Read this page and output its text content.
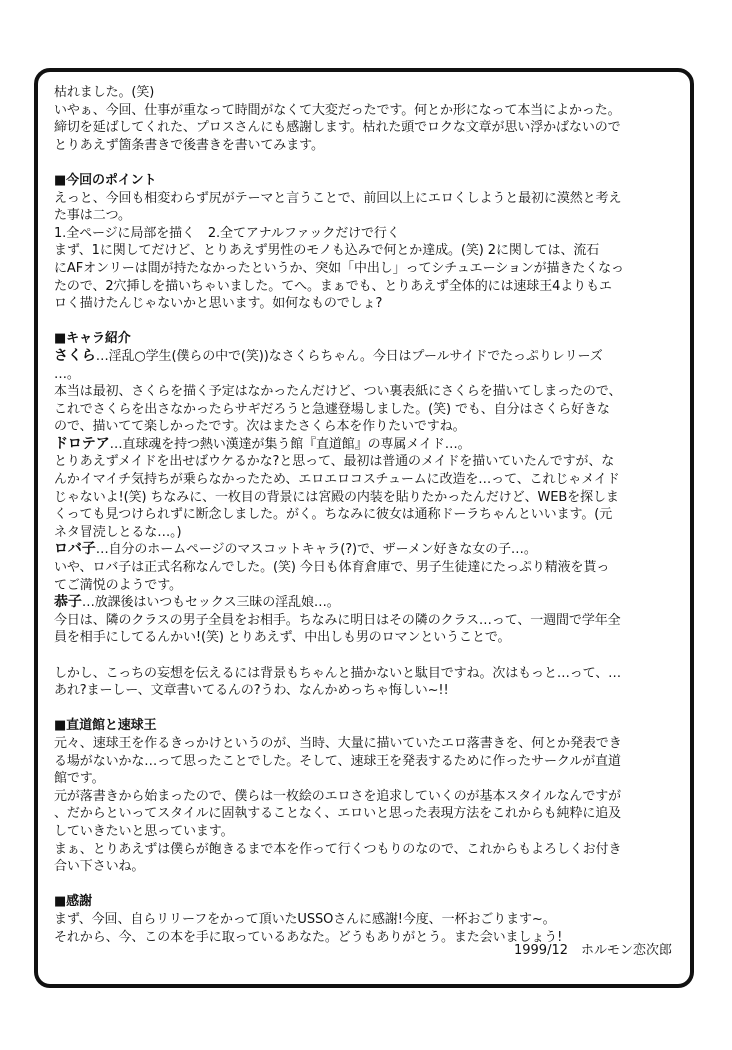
枯れました。(笑)
いやぁ、今回、仕事が重なって時間がなくて大変だったです。何とか形になって本当によかった。
締切を延ばしてくれた、プロスさんにも感謝します。枯れた頭でロクな文章が思い浮かばないので
とりあえず箇条書きで後書きを書いてみます。
■今回のポイント
えっと、今回も相変わらず尻がテーマと言うことで、前回以上にエロくしようと最初に漠然と考え
た事は二つ。
1.全ページに局部を描く　2.全てアナルファックだけで行く
まず、1に関してだけど、とりあえず男性のモノも込みで何とか達成。(笑) 2に関しては、流石
にAFオンリーは間が持たなかったというか、突如「中出し」ってシチュエーションが描きたくなっ
たので、2穴挿しを描いちゃいました。てへ。まぁでも、とりあえず全体的には速球王4よりもエ
ロく描けたんじゃないかと思います。如何なものでしょ?
■キャラ紹介
さくら…淫乱○学生(僕らの中で(笑))なさくらちゃん。今日はプールサイドでたっぷりレリーズ
…。
本当は最初、さくらを描く予定はなかったんだけど、つい裏表紙にさくらを描いてしまったので、
これでさくらを出さなかったらサギだろうと急遽登場しました。(笑) でも、自分はさくら好きな
ので、描いてて楽しかったです。次はまたさくら本を作りたいですね。
ドロテア…直球魂を持つ熱い漢達が集う館『直道館』の専属メイド…。
とりあえずメイドを出せばウケるかな?と思って、最初は普通のメイドを描いていたんですが、な
んかイマイチ気持ちが乗らなかったため、エロエロコスチュームに改造を…って、これじゃメイド
じゃないよ!(笑) ちなみに、一枚目の背景には宮殿の内装を貼りたかったんだけど、WEBを探しま
くっても見つけられずに断念しました。がく。ちなみに彼女は通称ドーラちゃんといいます。(元
ネタ冒涜しとるな…。)
ロバ子…自分のホームページのマスコットキャラ(?)で、ザーメン好きな女の子…。
いや、ロバ子は正式名称なんでした。(笑) 今日も体育倉庫で、男子生徒達にたっぷり精液を貰っ
てご満悦のようです。
恭子…放課後はいつもセックス三昧の淫乱娘…。
今日は、隣のクラスの男子全員をお相手。ちなみに明日はその隣のクラス…って、一週間で学年全
員を相手にしてるんかい!(笑) とりあえず、中出しも男のロマンということで。
しかし、こっちの妄想を伝えるには背景もちゃんと描かないと駄目ですね。次はもっと…って、…
あれ?まーしー、文章書いてるんの?うわ、なんかめっちゃ悔しい~!!
■直道館と速球王
元々、速球王を作るきっかけというのが、当時、大量に描いていたエロ落書きを、何とか発表でき
る場がないかな…って思ったことでした。そして、速球王を発表するために作ったサークルが直道
館です。
元が落書きから始まったので、僕らは一枚絵のエロさを追求していくのが基本スタイルなんですが
、だからといってスタイルに固執することなく、エロいと思った表現方法をこれからも純粋に追及
していきたいと思っています。
まぁ、とりあえずは僕らが飽きるまで本を作って行くつもりのなので、これからもよろしくお付き
合い下さいね。
■感謝
まず、今回、自らリリーフをかって頂いたUSSOさんに感謝!今度、一杯おごります~。
それから、今、この本を手に取っているあなた。どうもありがとう。また会いましょう!
1999/12　ホルモン恋次郎
